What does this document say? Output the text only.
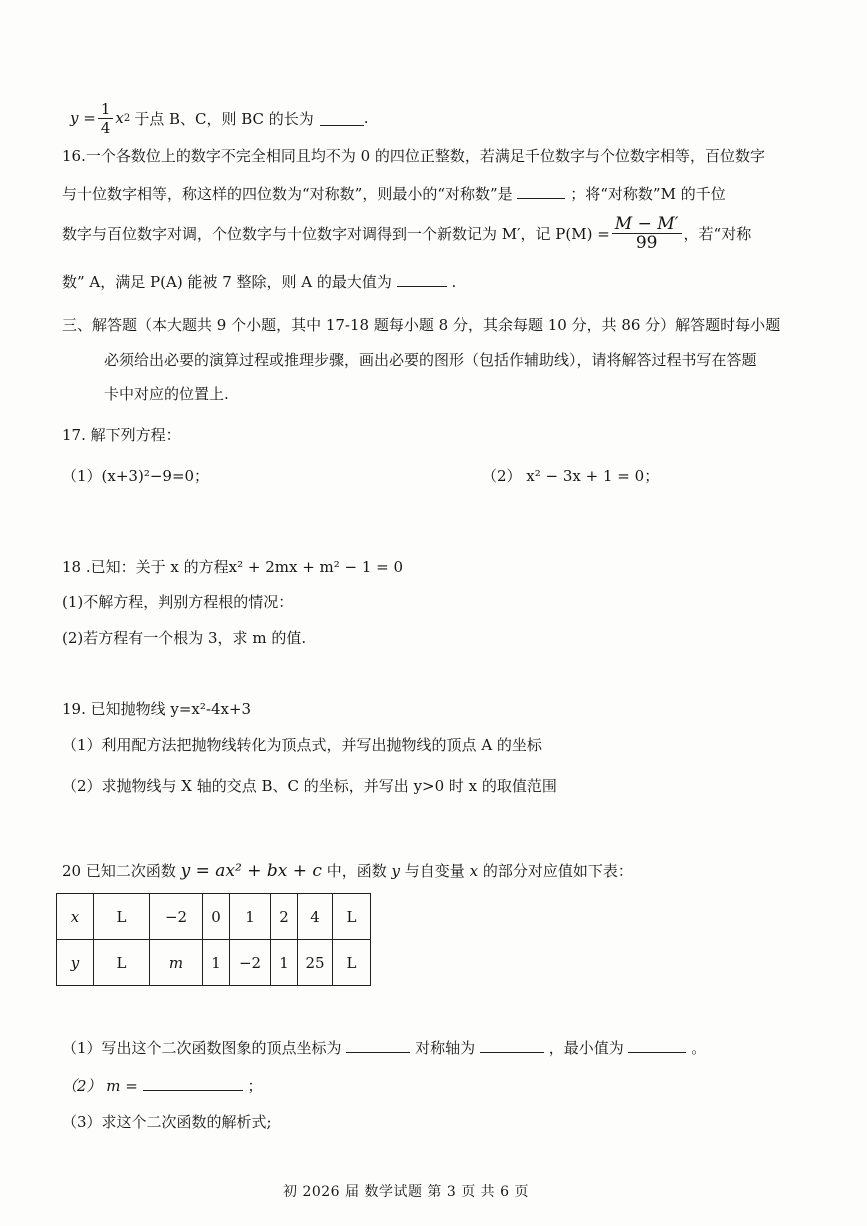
$y = \frac{1}{4}$ x 2 于点 B、C，则 BC 的长为	.
16.一个各数位上的数字不完全相同且均不为 0 的四位正整数，若满足千位数字与个位数字相等，百位数字
与十位数字相等，称这样的四位数为“对称数”，则最小的“对称数”是	；将“对称数”M 的千位
数字与百位数字对调，个位数字与十位数字对调得到一个新数记为 M′，记 $P(M) = \frac{M - M'}{99}$ ，若“对称
数” A，满足 P(A) 能被 7 整除，则 A 的最大值为	.
三、解答题（本大题共 9 个小题，其中 17-18 题每小题 8 分，其余每题 10 分，共 86 分）解答题时每小题
必须给出必要的演算过程或推理步骤，画出必要的图形（包括作辅助线），请将解答过程书写在答题
卡中对应的位置上.
17. 解下列方程：
（1）(x+3)²−9=0；	（2） x² − 3x + 1 = 0；
18 .已知：关于 x 的方程x² + 2mx + m² − 1 = 0
(1)不解方程，判别方程根的情况：
(2)若方程有一个根为 3，求 m 的值.
19. 已知抛物线 y=x²-4x+3
（1）利用配方法把抛物线转化为顶点式，并写出抛物线的顶点 A 的坐标
（2）求抛物线与 X 轴的交点 B、C 的坐标，并写出 y>0 时 x 的取值范围
20 已知二次函数 y = ax² + bx + c 中，函数 y 与自变量 x 的部分对应值如下表：
x	L	−2	0	1	2	4	L
y	L	m	1	−2	1	25	L
（1）写出这个二次函数图象的顶点坐标为	对称轴为	，最小值为	。
（2） m =	；
（3）求这个二次函数的解析式;
初 2026 届 数学试题 第 3 页 共 6 页
